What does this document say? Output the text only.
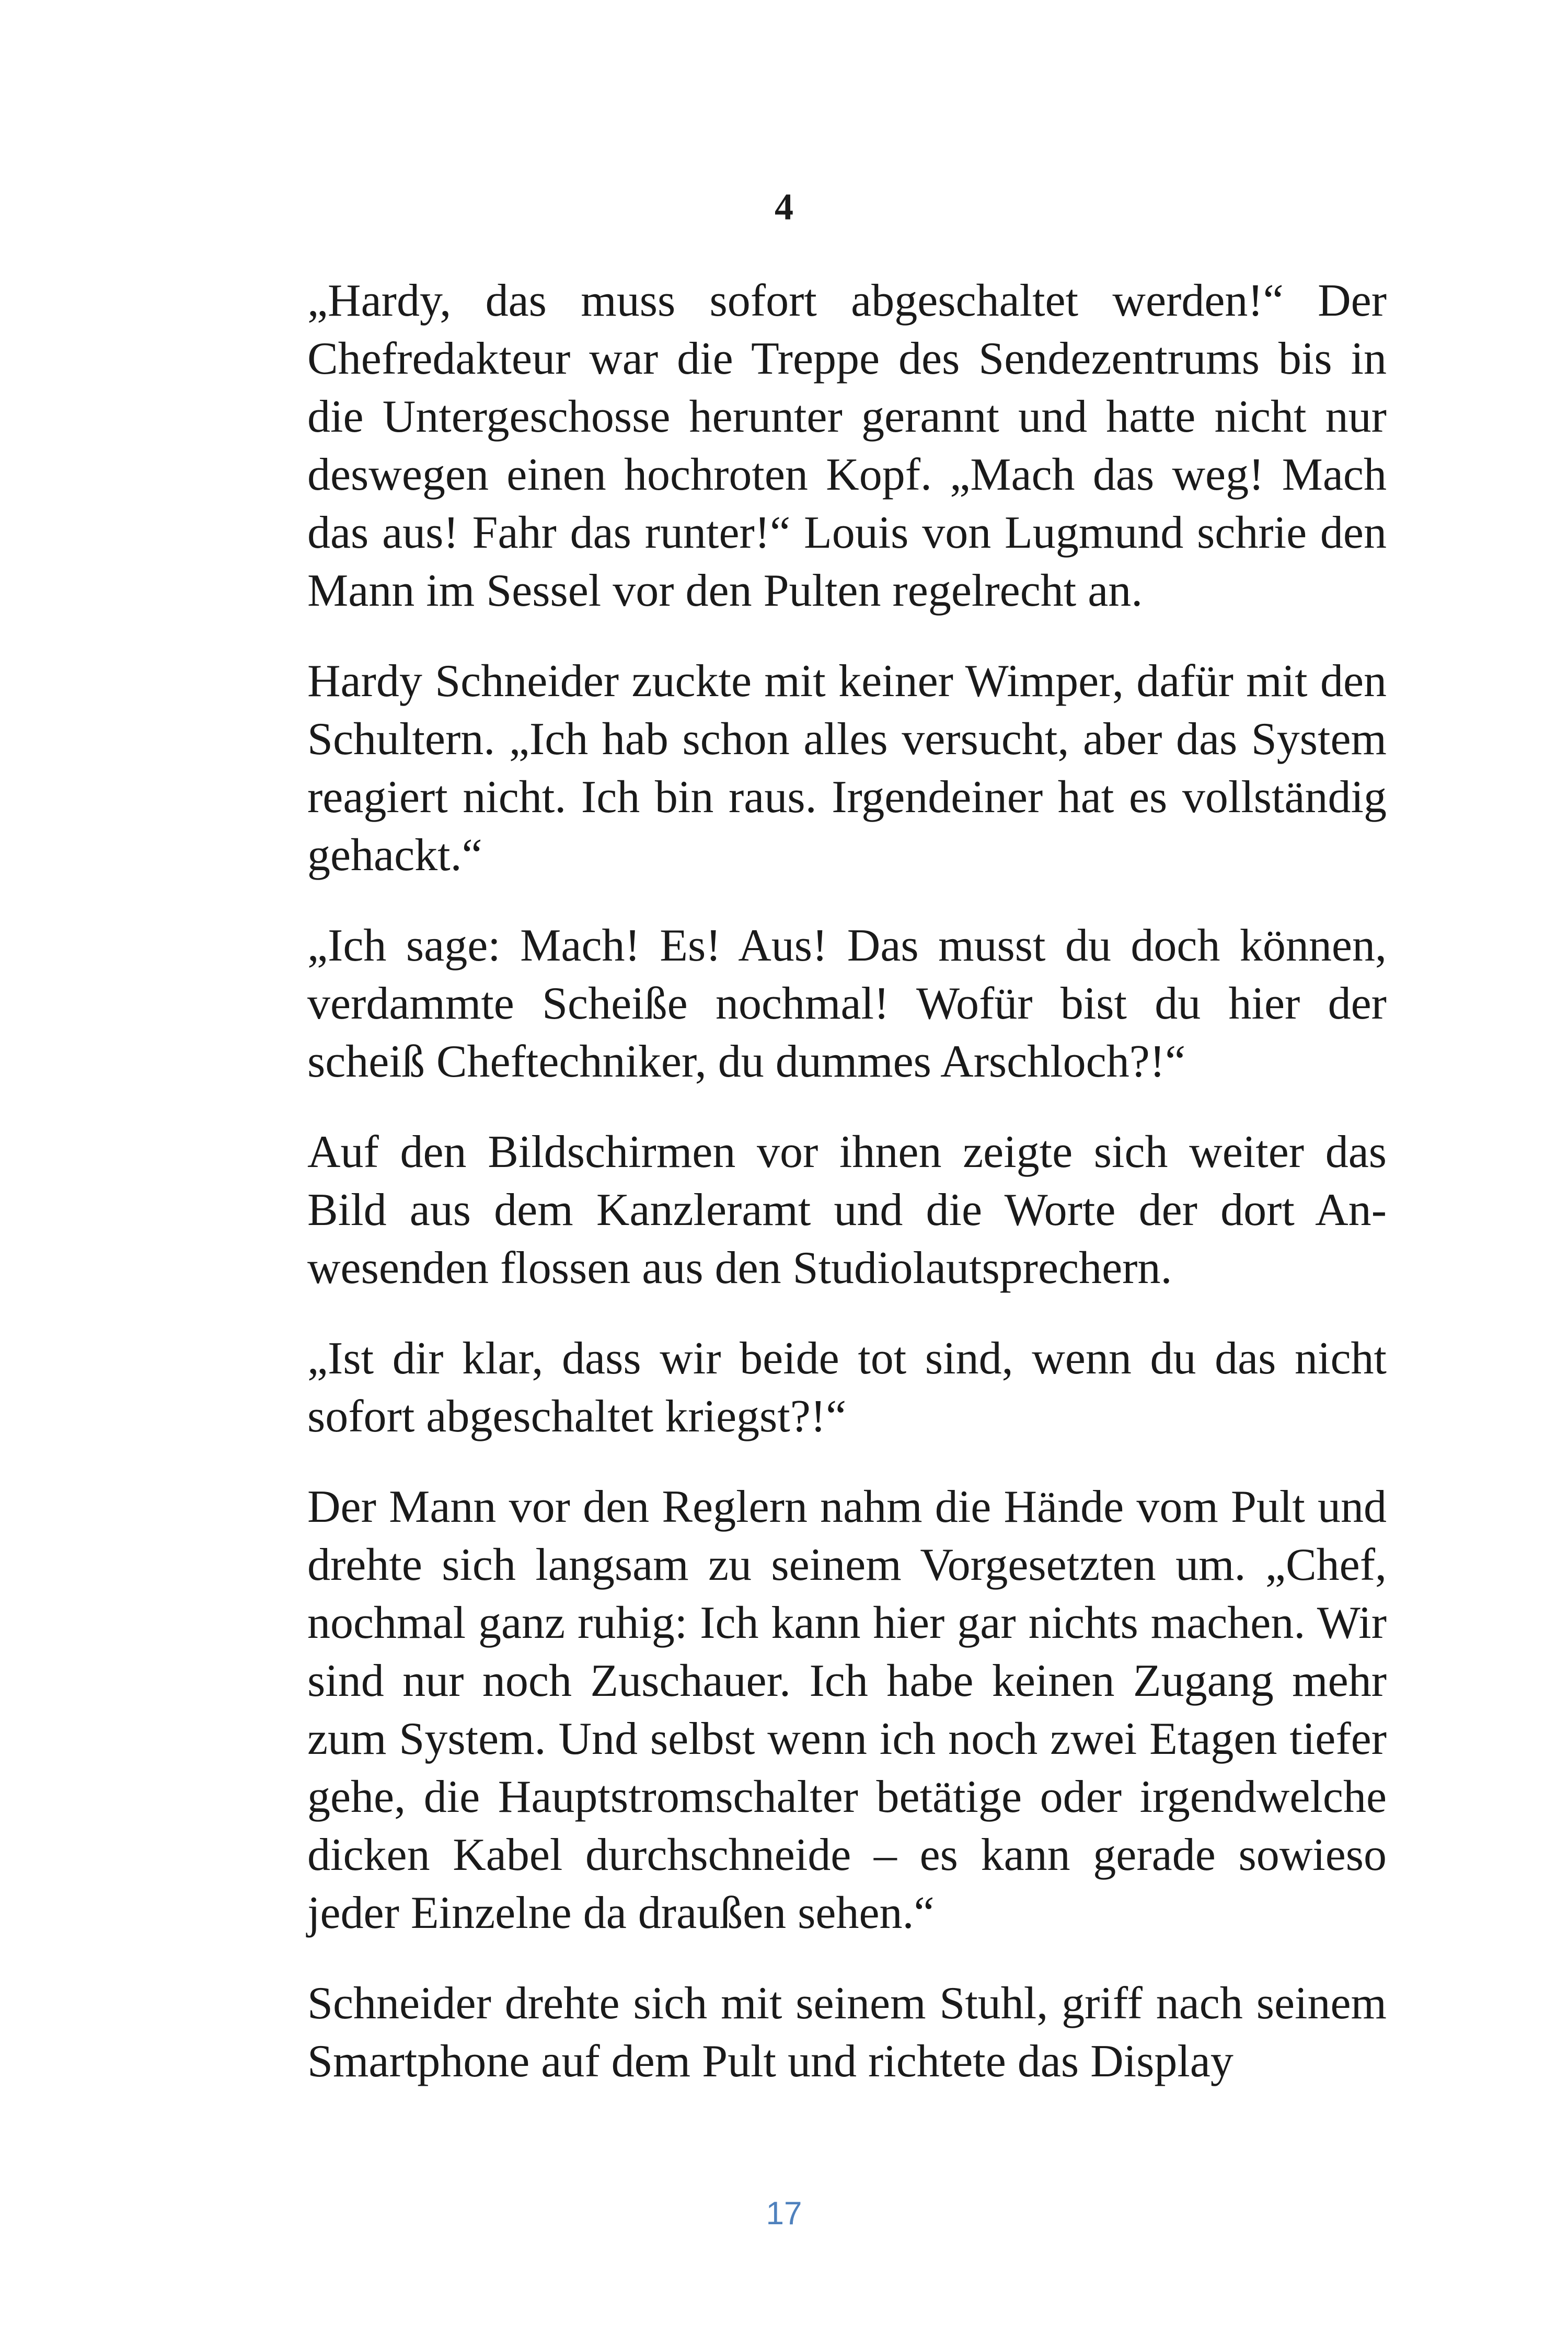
4

„Hardy, das muss sofort abgeschaltet werden!“ Der Chefredakteur war die Treppe des Sendezentrums bis in die Untergeschosse herunter gerannt und hatte nicht nur deswegen einen hochroten Kopf. „Mach das weg! Mach das aus! Fahr das runter!“ Louis von Lugmund schrie den Mann im Sessel vor den Pulten regelrecht an.

Hardy Schneider zuckte mit keiner Wimper, dafür mit den Schultern. „Ich hab schon alles versucht, aber das System reagiert nicht. Ich bin raus. Irgendeiner hat es vollständig gehackt.“

„Ich sage: Mach! Es! Aus! Das musst du doch können, verdammte Scheiße nochmal! Wofür bist du hier der scheiß Cheftechniker, du dummes Arschloch?!“

Auf den Bildschirmen vor ihnen zeigte sich weiter das Bild aus dem Kanzleramt und die Worte der dort Anwesenden flossen aus den Studiolautsprechern.

„Ist dir klar, dass wir beide tot sind, wenn du das nicht sofort abgeschaltet kriegst?!“

Der Mann vor den Reglern nahm die Hände vom Pult und drehte sich langsam zu seinem Vorgesetzten um. „Chef, nochmal ganz ruhig: Ich kann hier gar nichts machen. Wir sind nur noch Zuschauer. Ich habe keinen Zugang mehr zum System. Und selbst wenn ich noch zwei Etagen tiefer gehe, die Hauptstromschalter betätige oder irgendwelche dicken Kabel durchschneide – es kann gerade sowieso jeder Einzelne da draußen sehen.“

Schneider drehte sich mit seinem Stuhl, griff nach seinem Smartphone auf dem Pult und richtete das Display

17
